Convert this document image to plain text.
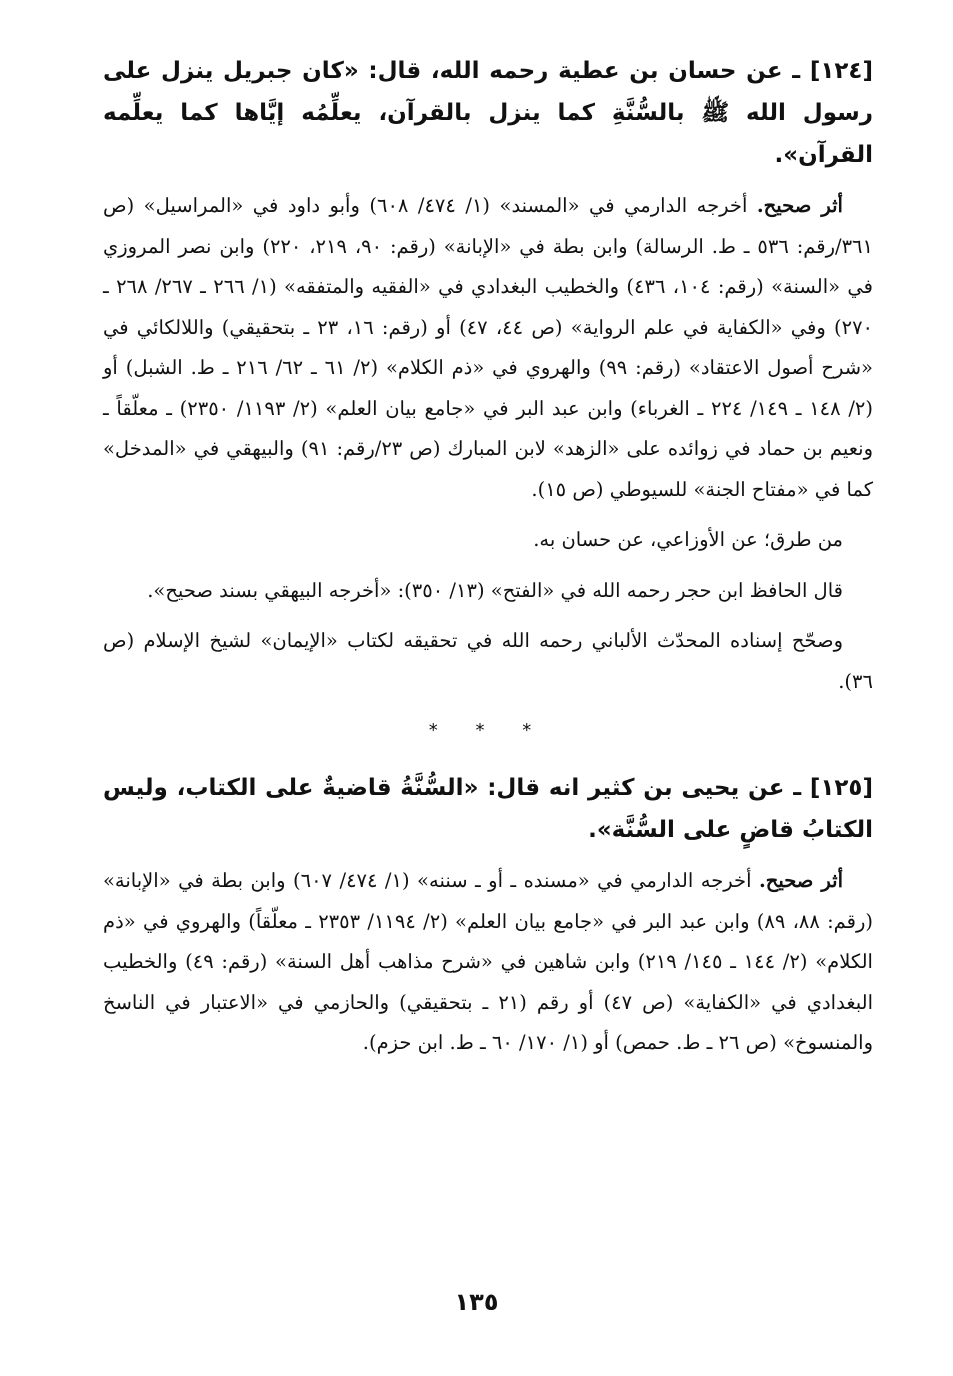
[١٢٤] ـ عن حسان بن عطية رحمه الله، قال: «كان جبريل ينزل على رسول الله ﷺ بالسُّنَّةِ كما ينزل بالقرآن، يعلِّمُه إيَّاها كما يعلِّمه القرآن».

أثر صحيح. أخرجه الدارمي في «المسند» (١/ ٤٧٤/ ٦٠٨) وأبو داود في «المراسيل» (ص ٣٦١/رقم: ٥٣٦ ـ ط. الرسالة) وابن بطة في «الإبانة» (رقم: ٩٠، ٢١٩، ٢٢٠) وابن نصر المروزي في «السنة» (رقم: ١٠٤، ٤٣٦) والخطيب البغدادي في «الفقيه والمتفقه» (١/ ٢٦٦ ـ ٢٦٧/ ٢٦٨ ـ ٢٧٠) وفي «الكفاية في علم الرواية» (ص ٤٤، ٤٧) أو (رقم: ١٦، ٢٣ ـ بتحقيقي) واللالكائي في «شرح أصول الاعتقاد» (رقم: ٩٩) والهروي في «ذم الكلام» (٢/ ٦١ ـ ٦٢/ ٢١٦ ـ ط. الشبل) أو (٢/ ١٤٨ ـ ١٤٩/ ٢٢٤ ـ الغرباء) وابن عبد البر في «جامع بيان العلم» (٢/ ١١٩٣/ ٢٣٥٠) ـ معلّقاً ـ ونعيم بن حماد في زوائده على «الزهد» لابن المبارك (ص ٢٣/رقم: ٩١) والبيهقي في «المدخل» كما في «مفتاح الجنة» للسيوطي (ص ١٥).

من طرق؛ عن الأوزاعي، عن حسان به.

قال الحافظ ابن حجر رحمه الله في «الفتح» (١٣/ ٣٥٠): «أخرجه البيهقي بسند صحيح».

وصحّح إسناده المحدّث الألباني رحمه الله في تحقيقه لكتاب «الإيمان» لشيخ الإسلام (ص ٣٦).

* * *

[١٢٥] ـ عن يحيى بن كثير انه قال: «السُّنَّةُ قاضيةٌ على الكتاب، وليس الكتابُ قاضٍ على السُّنَّة».

أثر صحيح. أخرجه الدارمي في «مسنده ـ أو ـ سننه» (١/ ٤٧٤/ ٦٠٧) وابن بطة في «الإبانة» (رقم: ٨٨، ٨٩) وابن عبد البر في «جامع بيان العلم» (٢/ ١١٩٤/ ٢٣٥٣ ـ معلّقاً) والهروي في «ذم الكلام» (٢/ ١٤٤ ـ ١٤٥/ ٢١٩) وابن شاهين في «شرح مذاهب أهل السنة» (رقم: ٤٩) والخطيب البغدادي في «الكفاية» (ص ٤٧) أو رقم (٢١ ـ بتحقيقي) والحازمي في «الاعتبار في الناسخ والمنسوخ» (ص ٢٦ ـ ط. حمص) أو (١/ ١٧٠/ ٦٠ ـ ط. ابن حزم).

١٣٥
